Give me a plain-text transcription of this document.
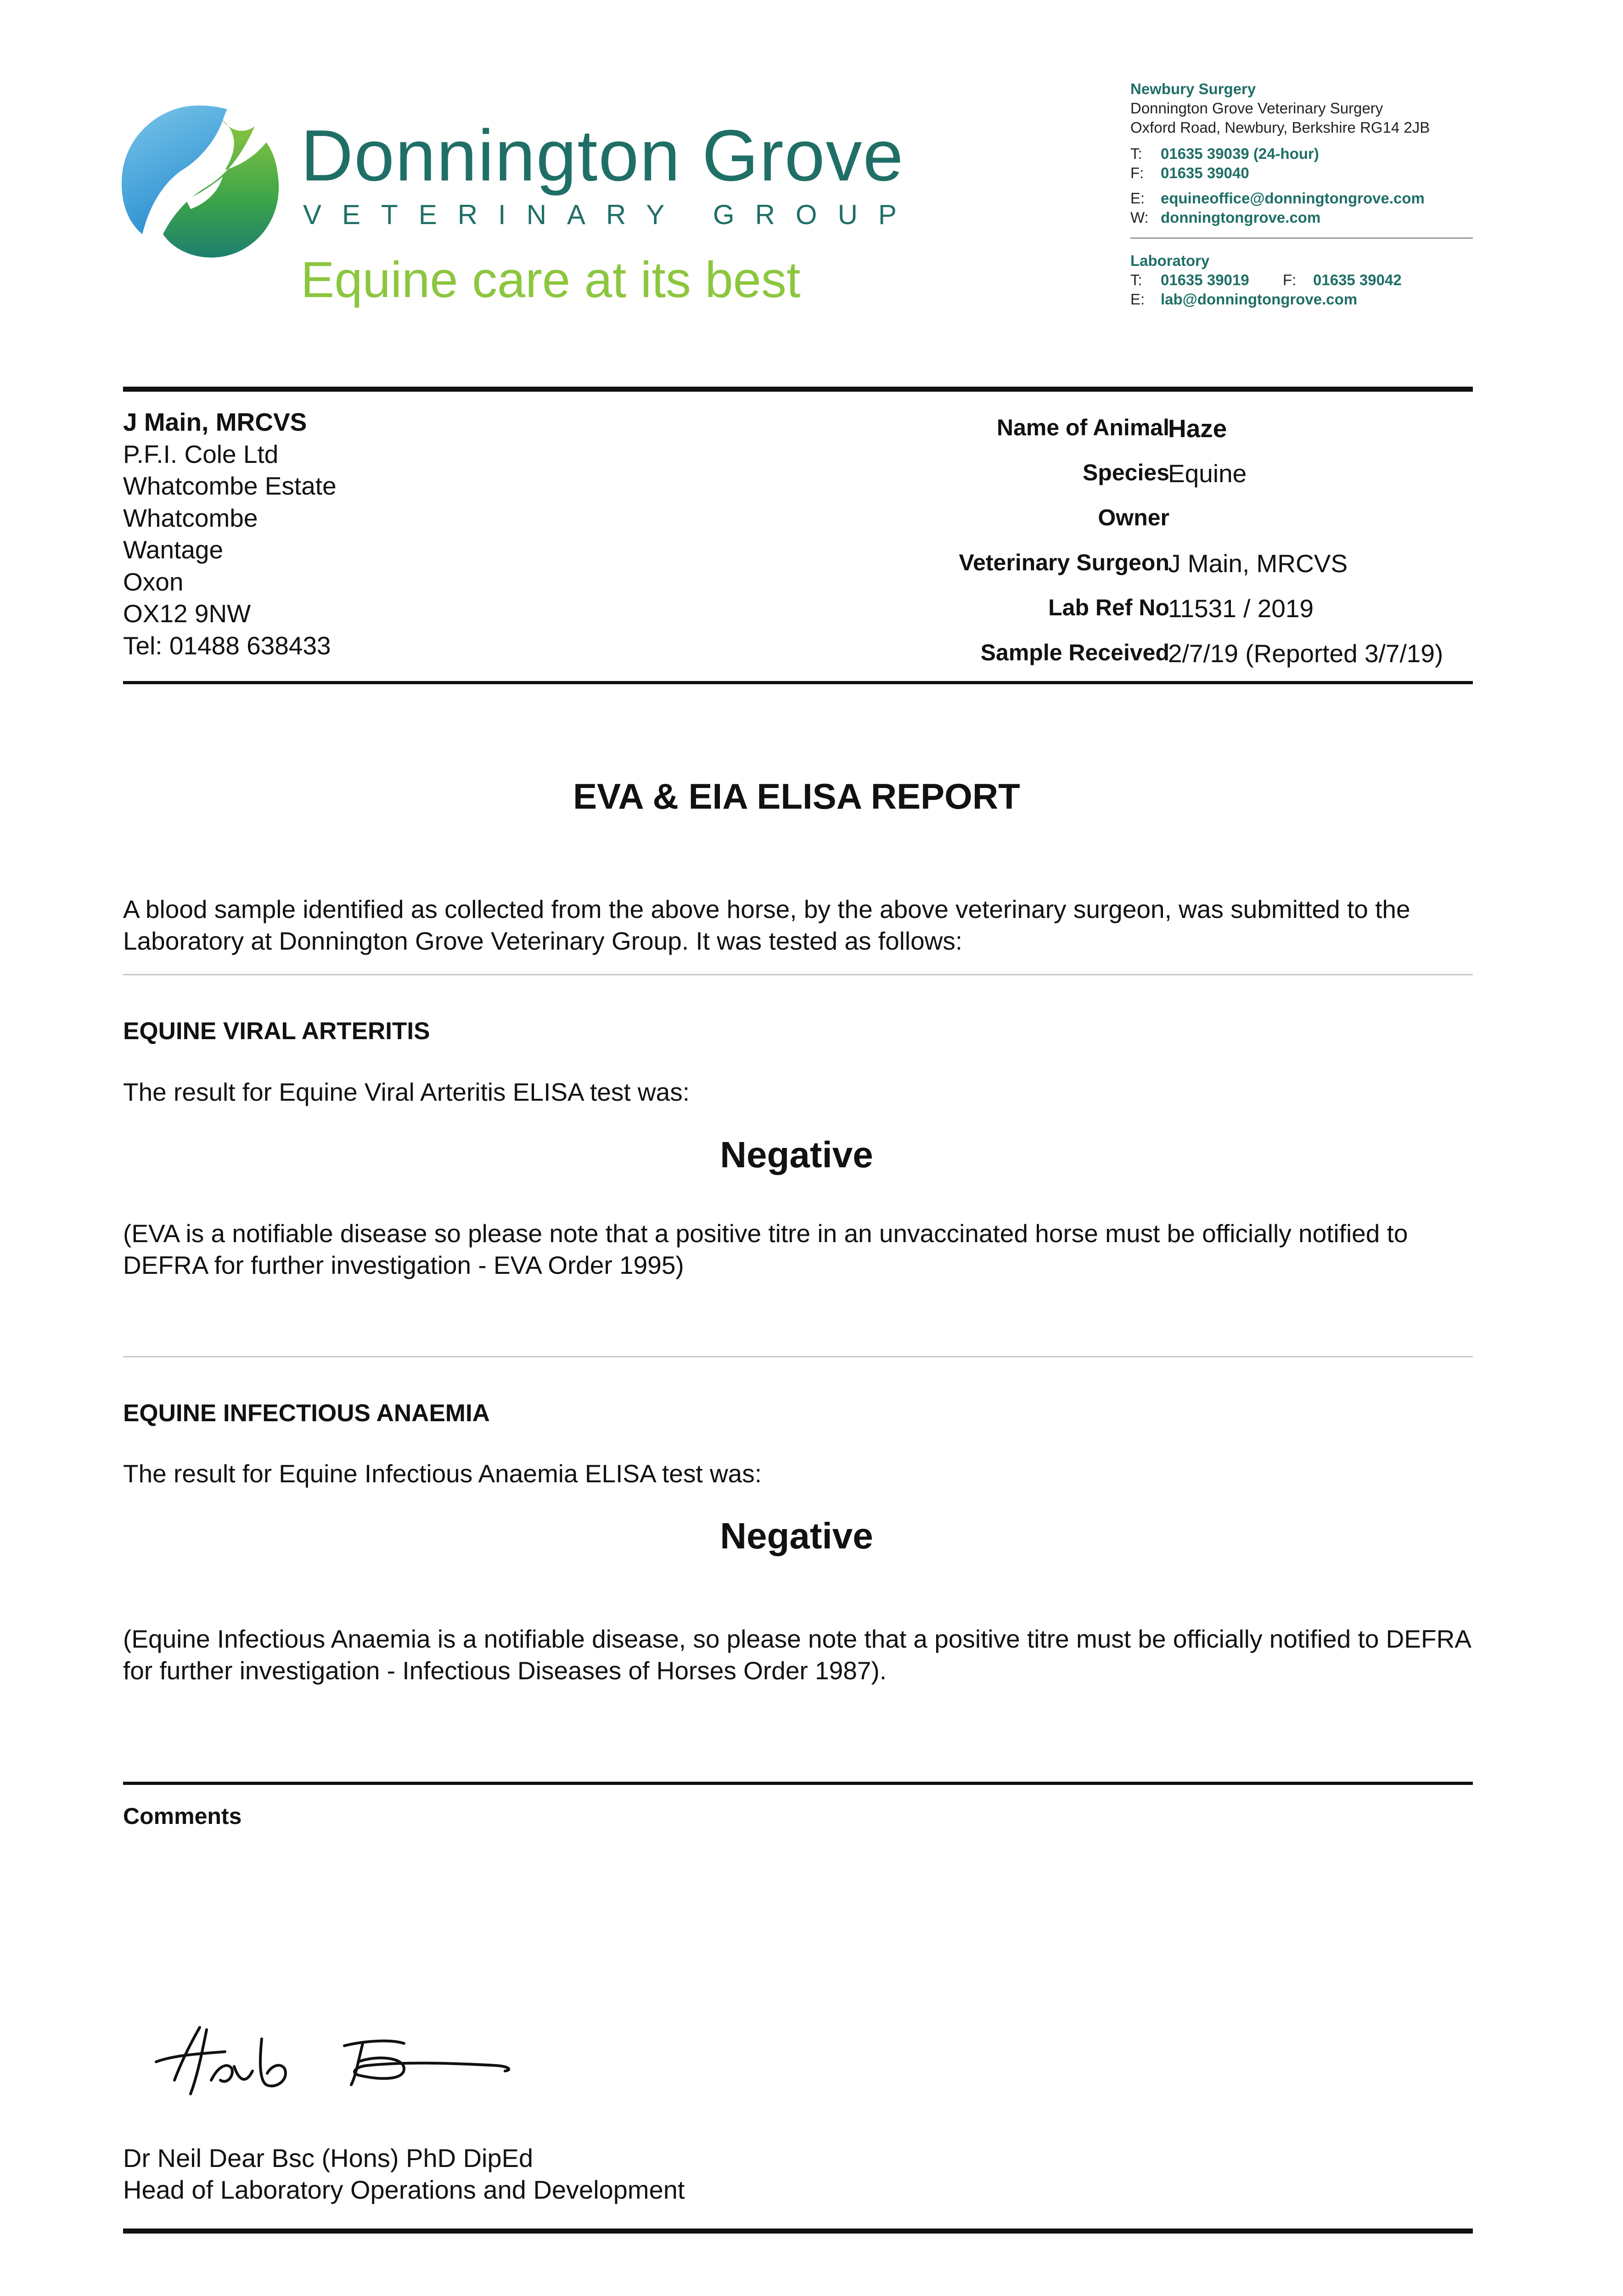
Donnington Grove
VETERINARY GROUP
Equine care at its best
Newbury Surgery
Donnington Grove Veterinary Surgery
Oxford Road, Newbury, Berkshire RG14 2JB
T: 01635 39039 (24-hour)
F: 01635 39040
E: equineoffice@donningtongrove.com
W: donningtongrove.com
Laboratory
T: 01635 39019 F: 01635 39042
E: lab@donningtongrove.com
J Main, MRCVS
P.F.I. Cole Ltd
Whatcombe Estate
Whatcombe
Wantage
Oxon
OX12 9NW
Tel: 01488 638433
Name of Animal
Haze
Species
Equine
Owner
Veterinary Surgeon
J Main, MRCVS
Lab Ref No
11531 / 2019
Sample Received
2/7/19 (Reported 3/7/19)
EVA & EIA ELISA REPORT
A blood sample identified as collected from the above horse, by the above veterinary surgeon, was submitted to the Laboratory at Donnington Grove Veterinary Group. It was tested as follows:
EQUINE VIRAL ARTERITIS
The result for Equine Viral Arteritis ELISA test was:
Negative
(EVA is a notifiable disease so please note that a positive titre in an unvaccinated horse must be officially notified to DEFRA for further investigation - EVA Order 1995)
EQUINE INFECTIOUS ANAEMIA
The result for Equine Infectious Anaemia ELISA test was:
Negative
(Equine Infectious Anaemia is a notifiable disease, so please note that a positive titre must be officially notified to DEFRA for further investigation - Infectious Diseases of Horses Order 1987).
Comments
Dr Neil Dear Bsc (Hons) PhD DipEd
Head of Laboratory Operations and Development
